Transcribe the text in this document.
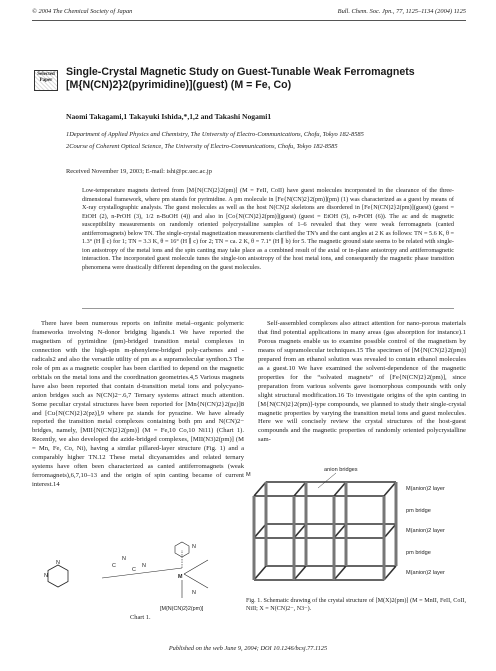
© 2004 The Chemical Society of Japan	Bull. Chem. Soc. Jpn., 77, 1125–1134 (2004) 1125
Selected Paper
Single-Crystal Magnetic Study on Guest-Tunable Weak Ferromagnets
[M{N(CN)2}2(pyrimidine)](guest) (M = Fe, Co)
Naomi Takagami,1 Takayuki Ishida,*,1,2 and Takashi Nogami1
1Department of Applied Physics and Chemistry, The University of Electro-Communications, Chofu, Tokyo 182-8585
2Course of Coherent Optical Science, The University of Electro-Communications, Chofu, Tokyo 182-8585
Received November 19, 2003; E-mail: ishi@pc.uec.ac.jp
Low-temperature magnets derived from [M{N(CN)2}2(pm)] (M = FeII, CoII) have guest molecules incorporated in the clearance of the three-dimensional framework, where pm stands for pyrimidine. A pm molecule in [Fe{N(CN)2}2(pm)](pm) (1) was characterized as a guest by means of X-ray crystallographic analysis. The guest molecules as well as the host N(CN)2 skeletons are disordered in [Fe{N(CN)2}2(pm)](guest) (guest = EtOH (2), n-PrOH (3), 1/2 n-BuOH (4)) and also in [Co{N(CN)2}2(pm)](guest) (guest = EtOH (5), n-PrOH (6)). The ac and dc magnetic susceptibility measurements on randomly oriented polycrystalline samples of 1–6 revealed that they were weak ferromagnets (canted antiferromagnets) below TN. The single-crystal magnetization measurements clarified the TN's and the cant angles at 2 K as follows: TN = 5.6 K, θ = 1.3° (H ∥ c) for 1; TN = 3.3 K, θ = 16° (H ∥ c) for 2; TN = ca. 2 K, θ = 7.1° (H ∥ b) for 5. The magnetic ground state seems to be related with single-ion anisotropy of the metal ions and the spin canting may take place as a combined result of the axial or in-plane anisotropy and antiferromagnetic interaction. The incorporated guest molecule tunes the single-ion anisotropy of the host metal ions, and consequently the magnetic phase transition phenomena were drastically different depending on the guest molecules.
There have been numerous reports on infinite metal–organic polymeric frameworks involving N-donor bridging ligands.1 We have reported the magnetism of pyrimidine (pm)-bridged transition metal complexes in connection with the high-spin m-phenylene-bridged poly-carbenes and -radicals2 and also the versatile utility of pm as a supramolecular synthon.3 The role of pm as a magnetic coupler has been clarified to depend on the magnetic orbitals on the metal ions and the coordination geometries.4,5 Various magnets have also been reported that contain d-transition metal ions and polycyano-anion bridges such as N(CN)2−.6,7 Ternary systems attract much attention. Some peculiar crystal structures have been reported for [Mn{N(CN)2}2(pz)]8 and [Cu{N(CN)2}2(pz)],9 where pz stands for pyrazine. We have already reported the transition metal complexes containing both pm and N(CN)2− bridges, namely, [MII{N(CN)2}2(pm)] (M = Fe,10 Co,10 Ni11) (Chart 1). Recently, we also developed the azide-bridged complexes, [MII(N3)2(pm)] (M = Mn, Fe, Co, Ni), having a similar pillared-layer structure (Fig. 1) and a comparably higher TN.12 These metal dicyanamides and related ternary systems have often been characterized as canted antiferromagnets (weak ferromagnets),6,7,10–13 and the origin of spin canting became of current interest.14
Self-assembled complexes also attract attention for nano-porous materials that find potential applications in many areas (gas absorption for instance).1 Porous magnets enable us to examine possible control of the magnetism by means of supramolecular techniques.15 The specimen of [M{N(CN)2}2(pm)] prepared from an ethanol solution was revealed to contain ethanol molecules as a guest.10 We have examined the solvent-dependence of the magnetic properties for the “solvated magnets” of [Fe{N(CN)2}2(pm)], since preparation from various solvents gave isomorphous compounds with only slight structural modification.16 To investigate origins of the spin canting in [M{N(CN)2}2(pm)]-type compounds, we planned to study their single-crystal magnetic properties by varying the transition metal ions and guest molecules. Here we will concisely review the crystal structures of the host-guest compounds and the magnetic properties of randomly oriented polycrystalline sam-
N
N
C
N
C
N
M
N
N
[M{N(CN)2}2(pm)]
Chart 1.
anion bridges
M(anion)2 layer
pm bridge
M(anion)2 layer
pm bridge
M(anion)2 layer
M
Fig. 1. Schematic drawing of the crystal structure of [M(X)2(pm)] (M = MnII, FeII, CoII, NiII; X = N(CN)2−, N3−).
Published on the web June 9, 2004; DOI 10.1246/bcsj.77.1125
